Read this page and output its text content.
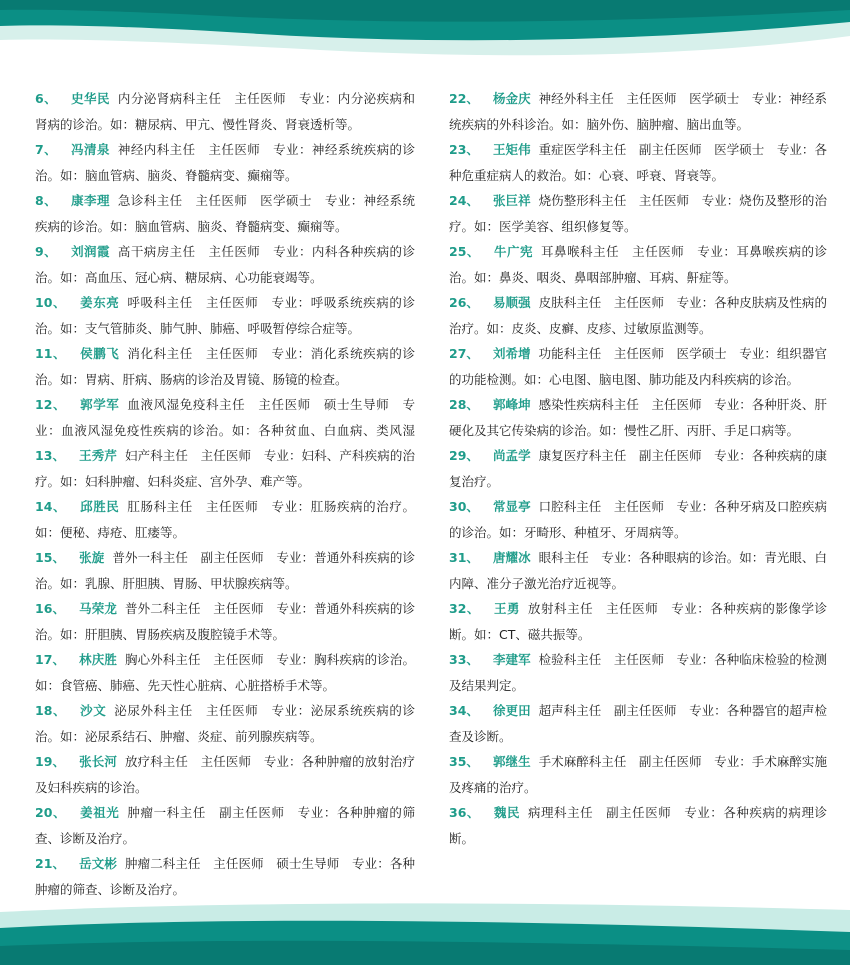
6、 史华民 内分泌肾病科主任　主任医师　专业：内分泌疾病和肾病的诊治。如：糖尿病、甲亢、慢性肾炎、肾衰透析等。
7、 冯清泉 神经内科主任　主任医师　专业：神经系统疾病的诊治。如：脑血管病、脑炎、脊髓病变、癫痫等。
8、 康李理 急诊科主任　主任医师　医学硕士　专业：神经系统疾病的诊治。如：脑血管病、脑炎、脊髓病变、癫痫等。
9、 刘润霞 高干病房主任　主任医师　专业：内科各种疾病的诊治。如：高血压、冠心病、糖尿病、心功能衰竭等。
10、 姜东亮 呼吸科主任　主任医师　专业：呼吸系统疾病的诊治。如：支气管肺炎、肺气肿、肺癌、呼吸暂停综合症等。
11、 侯鹏飞 消化科主任　主任医师　专业：消化系统疾病的诊治。如：胃病、肝病、肠病的诊治及胃镜、肠镜的检查。
12、 郭学军 血液风湿免疫科主任　主任医师　硕士生导师　专业：血液风湿免疫性疾病的诊治。如：各种贫血、白血病、类风湿
13、 王秀芹 妇产科主任　主任医师　专业：妇科、产科疾病的治疗。如：妇科肿瘤、妇科炎症、宫外孕、难产等。
14、 邱胜民 肛肠科主任　主任医师　专业：肛肠疾病的治疗。如：便秘、痔疮、肛瘘等。
15、 张旋 普外一科主任　副主任医师　专业：普通外科疾病的诊治。如：乳腺、肝胆胰、胃肠、甲状腺疾病等。
16、 马荣龙 普外二科主任　主任医师　专业：普通外科疾病的诊治。如：肝胆胰、胃肠疾病及腹腔镜手术等。
17、 林庆胜 胸心外科主任　主任医师　专业：胸科疾病的诊治。如：食管癌、肺癌、先天性心脏病、心脏搭桥手术等。
18、 沙文 泌尿外科主任　主任医师　专业：泌尿系统疾病的诊治。如：泌尿系结石、肿瘤、炎症、前列腺疾病等。
19、 张长河 放疗科主任　主任医师　专业：各种肿瘤的放射治疗及妇科疾病的诊治。
20、 姜祖光 肿瘤一科主任　副主任医师　专业：各种肿瘤的筛查、诊断及治疗。
21、 岳文彬 肿瘤二科主任　主任医师　硕士生导师　专业：各种肿瘤的筛查、诊断及治疗。
22、 杨金庆 神经外科主任　主任医师　医学硕士　专业：神经系统疾病的外科诊治。如：脑外伤、脑肿瘤、脑出血等。
23、 王矩伟 重症医学科主任　副主任医师　医学硕士　专业：各种危重症病人的救治。如：心衰、呼衰、肾衰等。
24、 张巨祥 烧伤整形科主任　主任医师　专业：烧伤及整形的治疗。如：医学美容、组织修复等。
25、 牛广宪 耳鼻喉科主任　主任医师　专业：耳鼻喉疾病的诊治。如：鼻炎、咽炎、鼻咽部肿瘤、耳病、鼾症等。
26、 易顺强 皮肤科主任　主任医师　专业：各种皮肤病及性病的治疗。如：皮炎、皮癣、皮疹、过敏原监测等。
27、 刘希增 功能科主任　主任医师　医学硕士　专业：组织器官的功能检测。如：心电图、脑电图、肺功能及内科疾病的诊治。
28、 郭峰坤 感染性疾病科主任　主任医师　专业：各种肝炎、肝硬化及其它传染病的诊治。如：慢性乙肝、丙肝、手足口病等。
29、 尚孟学 康复医疗科主任　副主任医师　专业：各种疾病的康复治疗。
30、 常显亭 口腔科主任　主任医师　专业：各种牙病及口腔疾病的诊治。如：牙畸形、种植牙、牙周病等。
31、 唐耀冰 眼科主任　专业：各种眼病的诊治。如：青光眼、白内障、准分子激光治疗近视等。
32、 王勇 放射科主任　主任医师　专业：各种疾病的影像学诊断。如：CT、磁共振等。
33、 李建军 检验科主任　主任医师　专业：各种临床检验的检测及结果判定。
34、 徐更田 超声科主任　副主任医师　专业：各种器官的超声检查及诊断。
35、 郭继生 手术麻醉科主任　副主任医师　专业：手术麻醉实施及疼痛的治疗。
36、 魏民 病理科主任　副主任医师　专业：各种疾病的病理诊断。
